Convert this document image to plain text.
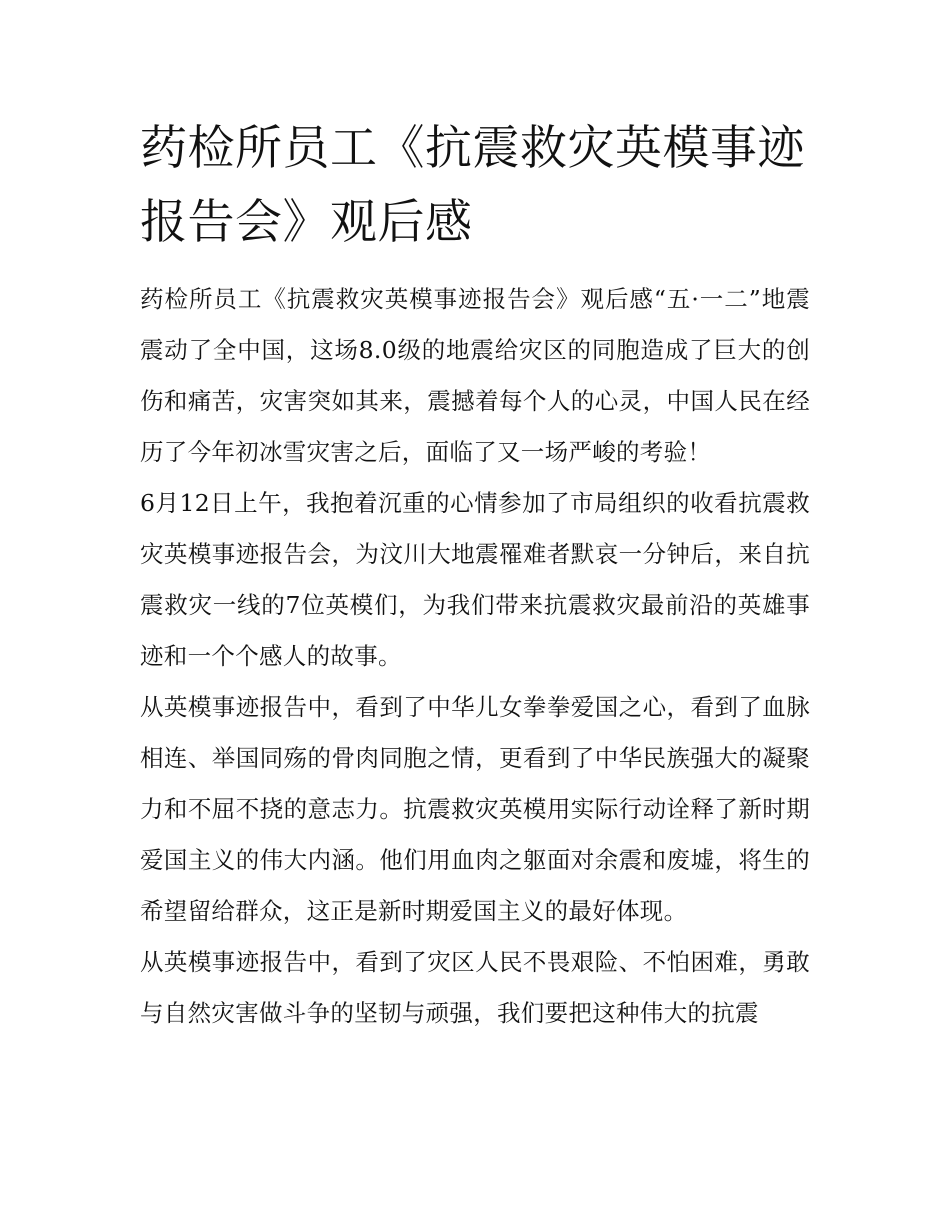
药检所员工《抗震救灾英模事迹报告会》观后感

药检所员工《抗震救灾英模事迹报告会》观后感“五·一二”地震震动了全中国，这场8.0级的地震给灾区的同胞造成了巨大的创伤和痛苦，灾害突如其来，震撼着每个人的心灵，中国人民在经历了今年初冰雪灾害之后，面临了又一场严峻的考验！

6月12日上午，我抱着沉重的心情参加了市局组织的收看抗震救灾英模事迹报告会，为汶川大地震罹难者默哀一分钟后，来自抗震救灾一线的7位英模们，为我们带来抗震救灾最前沿的英雄事迹和一个个感人的故事。

从英模事迹报告中，看到了中华儿女拳拳爱国之心，看到了血脉相连、举国同殇的骨肉同胞之情，更看到了中华民族强大的凝聚力和不屈不挠的意志力。抗震救灾英模用实际行动诠释了新时期爱国主义的伟大内涵。他们用血肉之躯面对余震和废墟，将生的希望留给群众，这正是新时期爱国主义的最好体现。

从英模事迹报告中，看到了灾区人民不畏艰险、不怕困难，勇敢与自然灾害做斗争的坚韧与顽强，我们要把这种伟大的抗震
